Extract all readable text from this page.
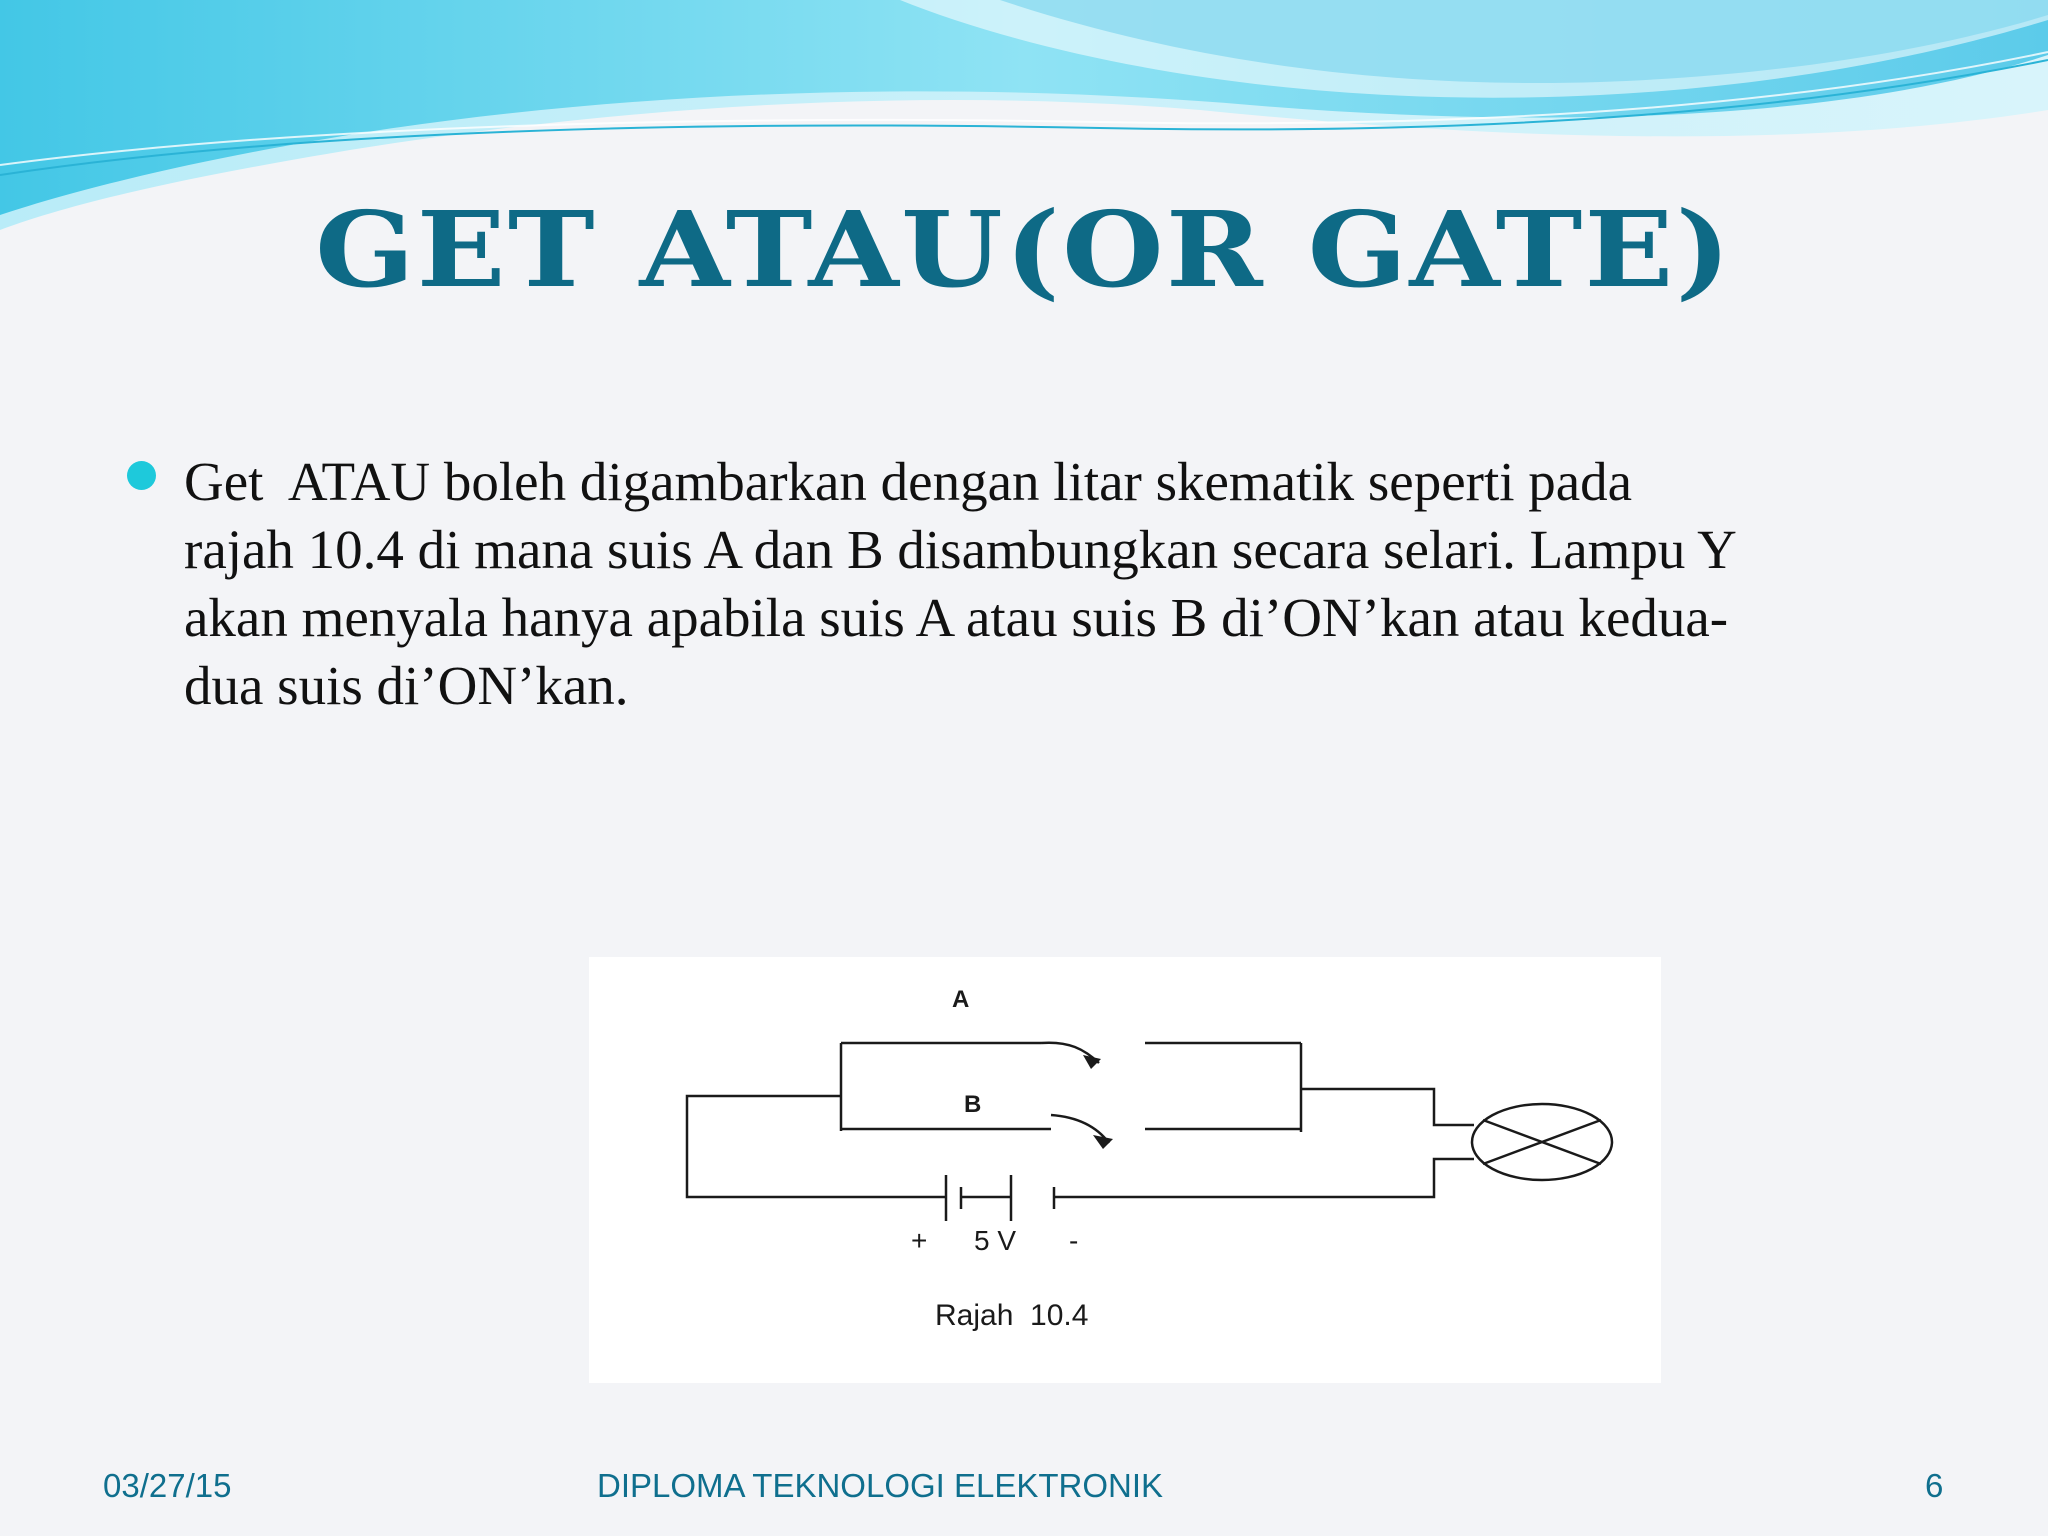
GET ATAU(OR GATE)

Get  ATAU boleh digambarkan dengan litar skematik seperti pada
rajah 10.4 di mana suis A dan B disambungkan secara selari. Lampu Y
akan menyala hanya apabila suis A atau suis B di’ON’kan atau kedua-
dua suis di’ON’kan.

A
B
+ 5 V -
Rajah  10.4
03/27/15	DIPLOMA TEKNOLOGI ELEKTRONIK	6
